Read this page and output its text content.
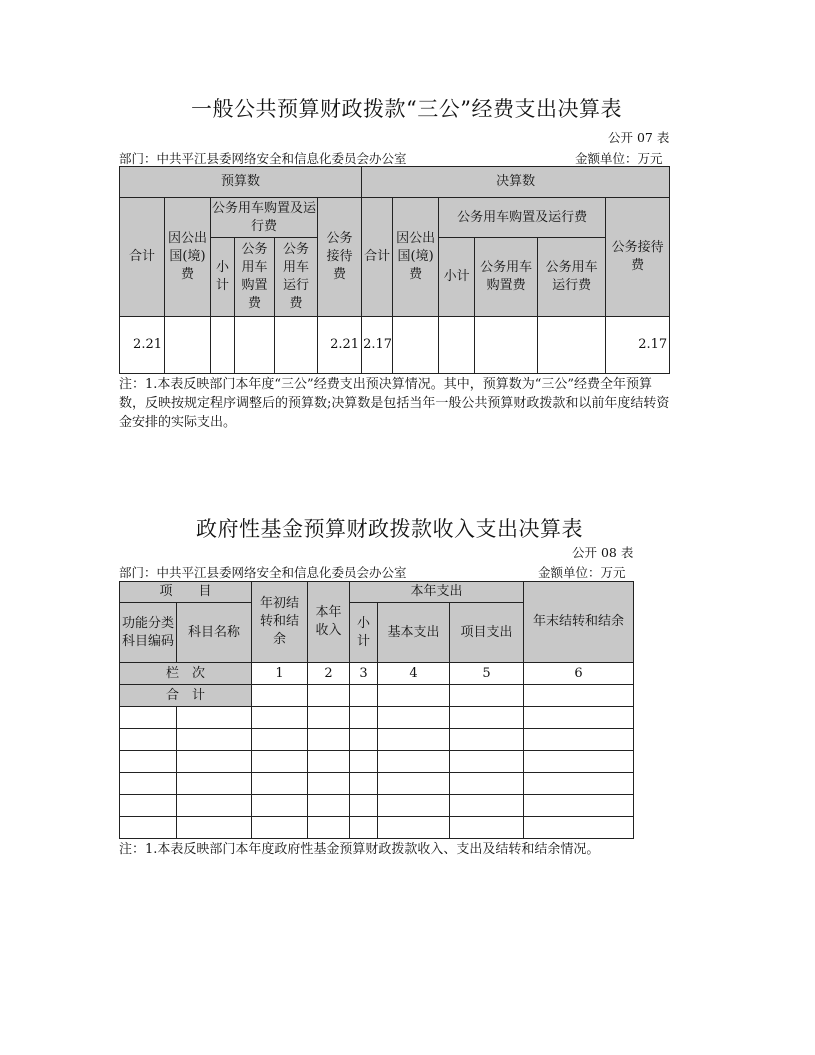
一般公共预算财政拨款“三公”经费支出决算表
公开 07 表
部门：中共平江县委网络安全和信息化委员会办公室	金额单位：万元
预算数						决算数					
合计	因公出国(境)费	公务用车购置及运行费			公务接待费	合计	因公出国(境)费	公务用车购置及运行费			公务接待费
		小计	公务用车购置费	公务用车运行费				小计	公务用车购置费	公务用车运行费	
2.21					2.21	2.17					2.17
注：1.本表反映部门本年度“三公”经费支出预决算情况。其中，预算数为“三公”经费全年预算数，反映按规定程序调整后的预算数;决算数是包括当年一般公共预算财政拨款和以前年度结转资金安排的实际支出。
政府性基金预算财政拨款收入支出决算表
公开 08 表
部门：中共平江县委网络安全和信息化委员会办公室	金额单位：万元
项　　目		年初结转和结余	本年收入	本年支出			年末结转和结余
功能分类科目编码	科目名称			小计	基本支出	项目支出	
栏　次		1	2	3	4	5	6
合　计							

注：1.本表反映部门本年度政府性基金预算财政拨款收入、支出及结转和结余情况。
